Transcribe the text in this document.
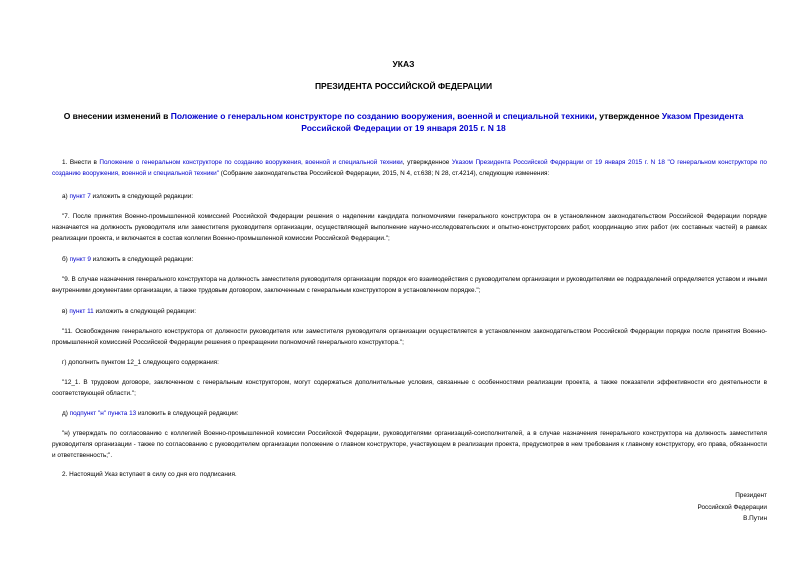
УКАЗ
ПРЕЗИДЕНТА РОССИЙСКОЙ ФЕДЕРАЦИИ
О внесении изменений в Положение о генеральном конструкторе по созданию вооружения, военной и специальной техники, утвержденное Указом Президента Российской Федерации от 19 января 2015 г. N 18
1. Внести в Положение о генеральном конструкторе по созданию вооружения, военной и специальной техники, утвержденное Указом Президента Российской Федерации от 19 января 2015 г. N 18 "О генеральном конструкторе по созданию вооружения, военной и специальной техники" (Собрание законодательства Российской Федерации, 2015, N 4, ст.638; N 28, ст.4214), следующие изменения:
а) пункт 7 изложить в следующей редакции:
"7. После принятия Военно-промышленной комиссией Российской Федерации решения о наделении кандидата полномочиями генерального конструктора он в установленном законодательством Российской Федерации порядке назначается на должность руководителя или заместителя руководителя организации, осуществляющей выполнение научно-исследовательских и опытно-конструкторских работ, координацию этих работ (их составных частей) в рамках реализации проекта, и включается в состав коллегии Военно-промышленной комиссии Российской Федерации.";
б) пункт 9 изложить в следующей редакции:
"9. В случае назначения генерального конструктора на должность заместителя руководителя организации порядок его взаимодействия с руководителем организации и руководителями ее подразделений определяется уставом и иными внутренними документами организации, а также трудовым договором, заключенным с генеральным конструктором в установленном порядке.";
в) пункт 11 изложить в следующей редакции:
"11. Освобождение генерального конструктора от должности руководителя или заместителя руководителя организации осуществляется в установленном законодательством Российской Федерации порядке после принятия Военно-промышленной комиссией Российской Федерации решения о прекращении полномочий генерального конструктора.";
г) дополнить пунктом 12_1 следующего содержания:
"12_1. В трудовом договоре, заключенном с генеральным конструктором, могут содержаться дополнительные условия, связанные с особенностями реализации проекта, а также показатели эффективности его деятельности в соответствующей области.";
д) подпункт "н" пункта 13 изложить в следующей редакции:
"н) утверждать по согласованию с коллегией Военно-промышленной комиссии Российской Федерации, руководителями организаций-соисполнителей, а в случае назначения генерального конструктора на должность заместителя руководителя организации - также по согласованию с руководителем организации положение о главном конструкторе, участвующем в реализации проекта, предусмотрев в нем требования к главному конструктору, его права, обязанности и ответственность;".
2. Настоящий Указ вступает в силу со дня его подписания.
Президент
Российской Федерации
В.Путин
